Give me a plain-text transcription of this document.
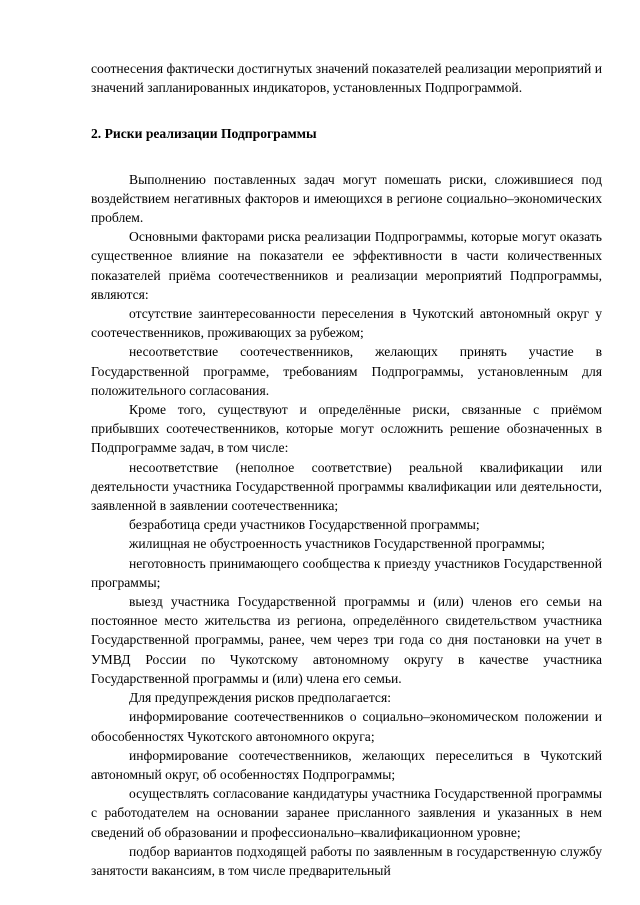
соотнесения фактически достигнутых значений показателей реализации мероприятий и значений запланированных индикаторов, установленных Подпрограммой.

2. Риски реализации Подпрограммы

Выполнению поставленных задач могут помешать риски, сложившиеся под воздействием негативных факторов и имеющихся в регионе социально–экономических проблем.

Основными факторами риска реализации Подпрограммы, которые могут оказать существенное влияние на показатели ее эффективности в части количественных показателей приёма соотечественников и реализации мероприятий Подпрограммы, являются:

отсутствие заинтересованности переселения в Чукотский автономный округ у соотечественников, проживающих за рубежом;

несоответствие соотечественников, желающих принять участие в Государственной программе, требованиям Подпрограммы, установленным для положительного согласования.

Кроме того, существуют и определённые риски, связанные с приёмом прибывших соотечественников, которые могут осложнить решение обозначенных в Подпрограмме задач, в том числе:

несоответствие (неполное соответствие) реальной квалификации или деятельности участника Государственной программы квалификации или деятельности, заявленной в заявлении соотечественника;

безработица среди участников Государственной программы;

жилищная не обустроенность участников Государственной программы;

неготовность принимающего сообщества к приезду участников Государственной программы;

выезд участника Государственной программы и (или) членов его семьи на постоянное место жительства из региона, определённого свидетельством участника Государственной программы, ранее, чем через три года со дня постановки на учет в УМВД России по Чукотскому автономному округу в качестве участника Государственной программы и (или) члена его семьи.

Для предупреждения рисков предполагается:

информирование соотечественников о социально–экономическом положении и обособенностях Чукотского автономного округа;

информирование соотечественников, желающих переселиться в Чукотский автономный округ, об особенностях Подпрограммы;

осуществлять согласование кандидатуры участника Государственной программы с работодателем на основании заранее присланного заявления и указанных в нем сведений об образовании и профессионально–квалификационном уровне;

подбор вариантов подходящей работы по заявленным в государственную службу занятости вакансиям, в том числе предварительный
